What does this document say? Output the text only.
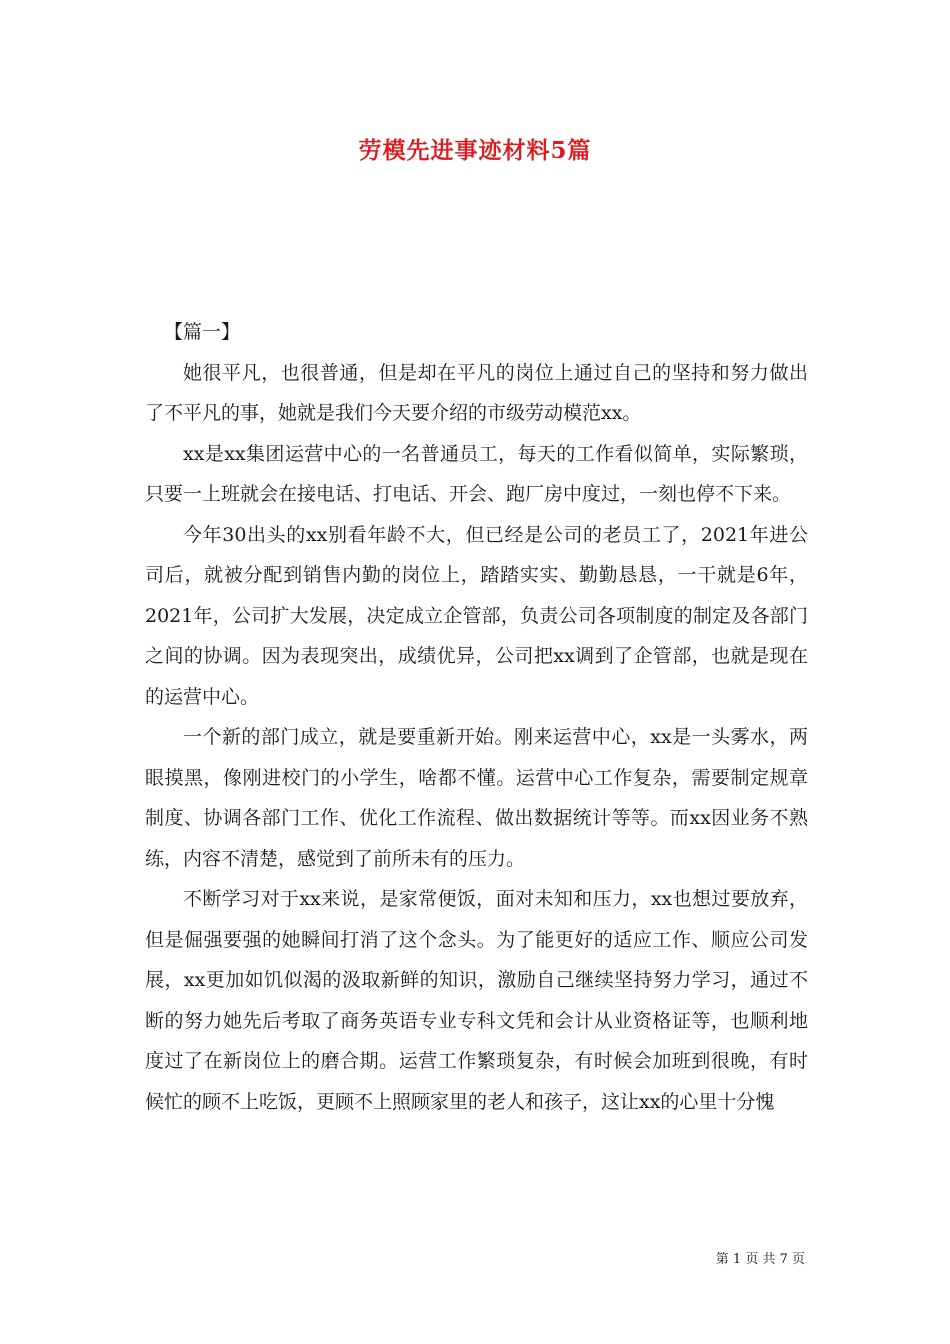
劳模先进事迹材料5篇

【篇一】

她很平凡，也很普通，但是却在平凡的岗位上通过自己的坚持和努力做出了不平凡的事，她就是我们今天要介绍的市级劳动模范xx。

xx是xx集团运营中心的一名普通员工，每天的工作看似简单，实际繁琐，只要一上班就会在接电话、打电话、开会、跑厂房中度过，一刻也停不下来。

今年30出头的xx别看年龄不大，但已经是公司的老员工了，2021年进公司后，就被分配到销售内勤的岗位上，踏踏实实、勤勤恳恳，一干就是6年，2021年，公司扩大发展，决定成立企管部，负责公司各项制度的制定及各部门之间的协调。因为表现突出，成绩优异，公司把xx调到了企管部，也就是现在的运营中心。

一个新的部门成立，就是要重新开始。刚来运营中心，xx是一头雾水，两眼摸黑，像刚进校门的小学生，啥都不懂。运营中心工作复杂，需要制定规章制度、协调各部门工作、优化工作流程、做出数据统计等等。而xx因业务不熟练，内容不清楚，感觉到了前所未有的压力。

不断学习对于xx来说，是家常便饭，面对未知和压力，xx也想过要放弃，但是倔强要强的她瞬间打消了这个念头。为了能更好的适应工作、顺应公司发展，xx更加如饥似渴的汲取新鲜的知识，激励自己继续坚持努力学习，通过不断的努力她先后考取了商务英语专业专科文凭和会计从业资格证等，也顺利地度过了在新岗位上的磨合期。运营工作繁琐复杂，有时候会加班到很晚，有时候忙的顾不上吃饭，更顾不上照顾家里的老人和孩子，这让xx的心里十分愧

第 1 页 共 7 页
